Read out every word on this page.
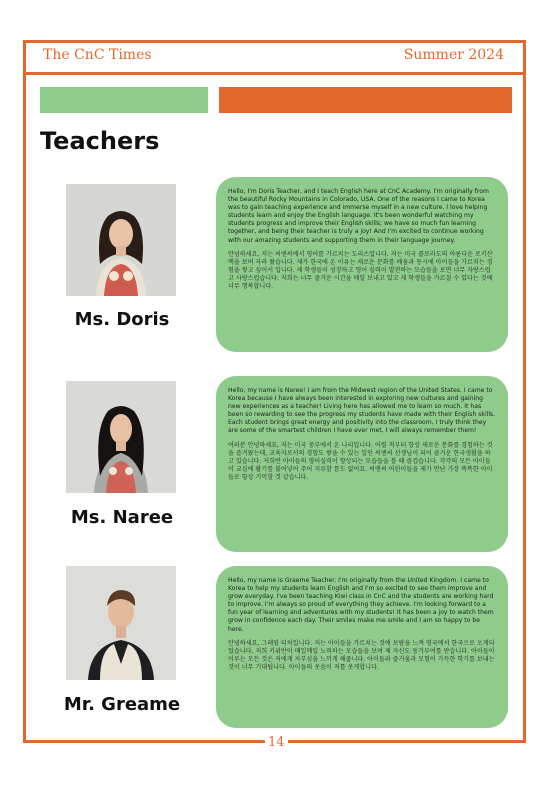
The CnC Times	Summer 2024
Teachers
Ms. Doris

Hello, I'm Doris Teacher, and I teach English here at CnC Academy. I'm originally from the beautiful Rocky Mountains in Colorado, USA. One of the reasons I came to Korea was to gain teaching experience and immerse myself in a new culture. I love helping students learn and enjoy the English language. It's been wonderful watching my students progress and improve their English skills; we have so much fun learning together, and being their teacher is truly a joy! And I'm excited to continue working with our amazing students and supporting them in their language journey.

안녕하세요, 저는 씨앤씨에서 영어를 가르치는 도리스입니다. 저는 미국 콜로라도의 아름다운 로키산맥을 보며 자라 왔습니다. 제가 한국에 온 이유는 새로운 문화를 배움과 동시에 아이들을 가르치는 경험을 쌓고 싶어서 입니다. 제 학생들이 성장하고 영어 실력이 발전하는 모습들을 보면 너무 자랑스럽고 사랑스럽습니다. 저희는 너무 즐거운 시간을 매일 보내고 있고 제 학생들을 가르칠 수 있다는 것에 너무 행복합니다.

Ms. Naree

Hello, my name is Naree! I am from the Midwest region of the United States. I came to Korea because I have always been interested in exploring new cultures and gaining new experiences as a teacher! Living here has allowed me to learn so much. It has been so rewarding to see the progress my students have made with their English skills. Each student brings great energy and positivity into the classroom, I truly think they are some of the smartest children I have ever met, I will always remember them!

여러분 안녕하세요, 저는 미국 중부에서 온 나리입니다. 어릴 적부터 항상 새로운 문화를 경험하는 것을 즐겨왔는데, 교육자로서의 경험도 쌓을 수 있는 일인 씨앤씨 선생님이 되어 즐거운 한국생활을 하고 있습니다. 저희반 아이들의 영어실력이 향상되는 모습들을 볼 때 즐겁습니다. 각각의 모든 아이들이 교실에 활기를 불어넣어 주어 지루할 틈도 없어요. 씨앤씨 어린이들을 제가 만난 가장 똑똑한 아이들로 항상 기억할 것 같습니다.

Mr. Greame

Hello, my name is Graeme Teacher. I'm originally from the United Kingdom. I came to Korea to help my students learn English and I'm so excited to see them improve and grow everyday. I've been teaching Kiwi class in CnC and the students are working hard to improve. I'm always so proud of everything they achieve. I'm looking forward to a fun year of learning and adventures with my students! It has been a joy to watch them grow in confidence each day. Their smiles make me smile and I am so happy to be here.

안녕하세요, 그레임 티처입니다. 저는 아이들을 가르치는 것에 보람을 느껴 영국에서 한국으로 오게되었습니다. 저희 키위반이 매일매일 노력하는 모습들을 보며 제 자신도 동기부여를 받습니다. 아이들이 이루는 모든 것은 저에게 자부심을 느끼게 해줍니다. 아이들과 즐거움과 모험이 가득한 학기를 보내는 것이 너무 기대됩니다. 아이들의 웃음이 저를 웃게합니다.

14
